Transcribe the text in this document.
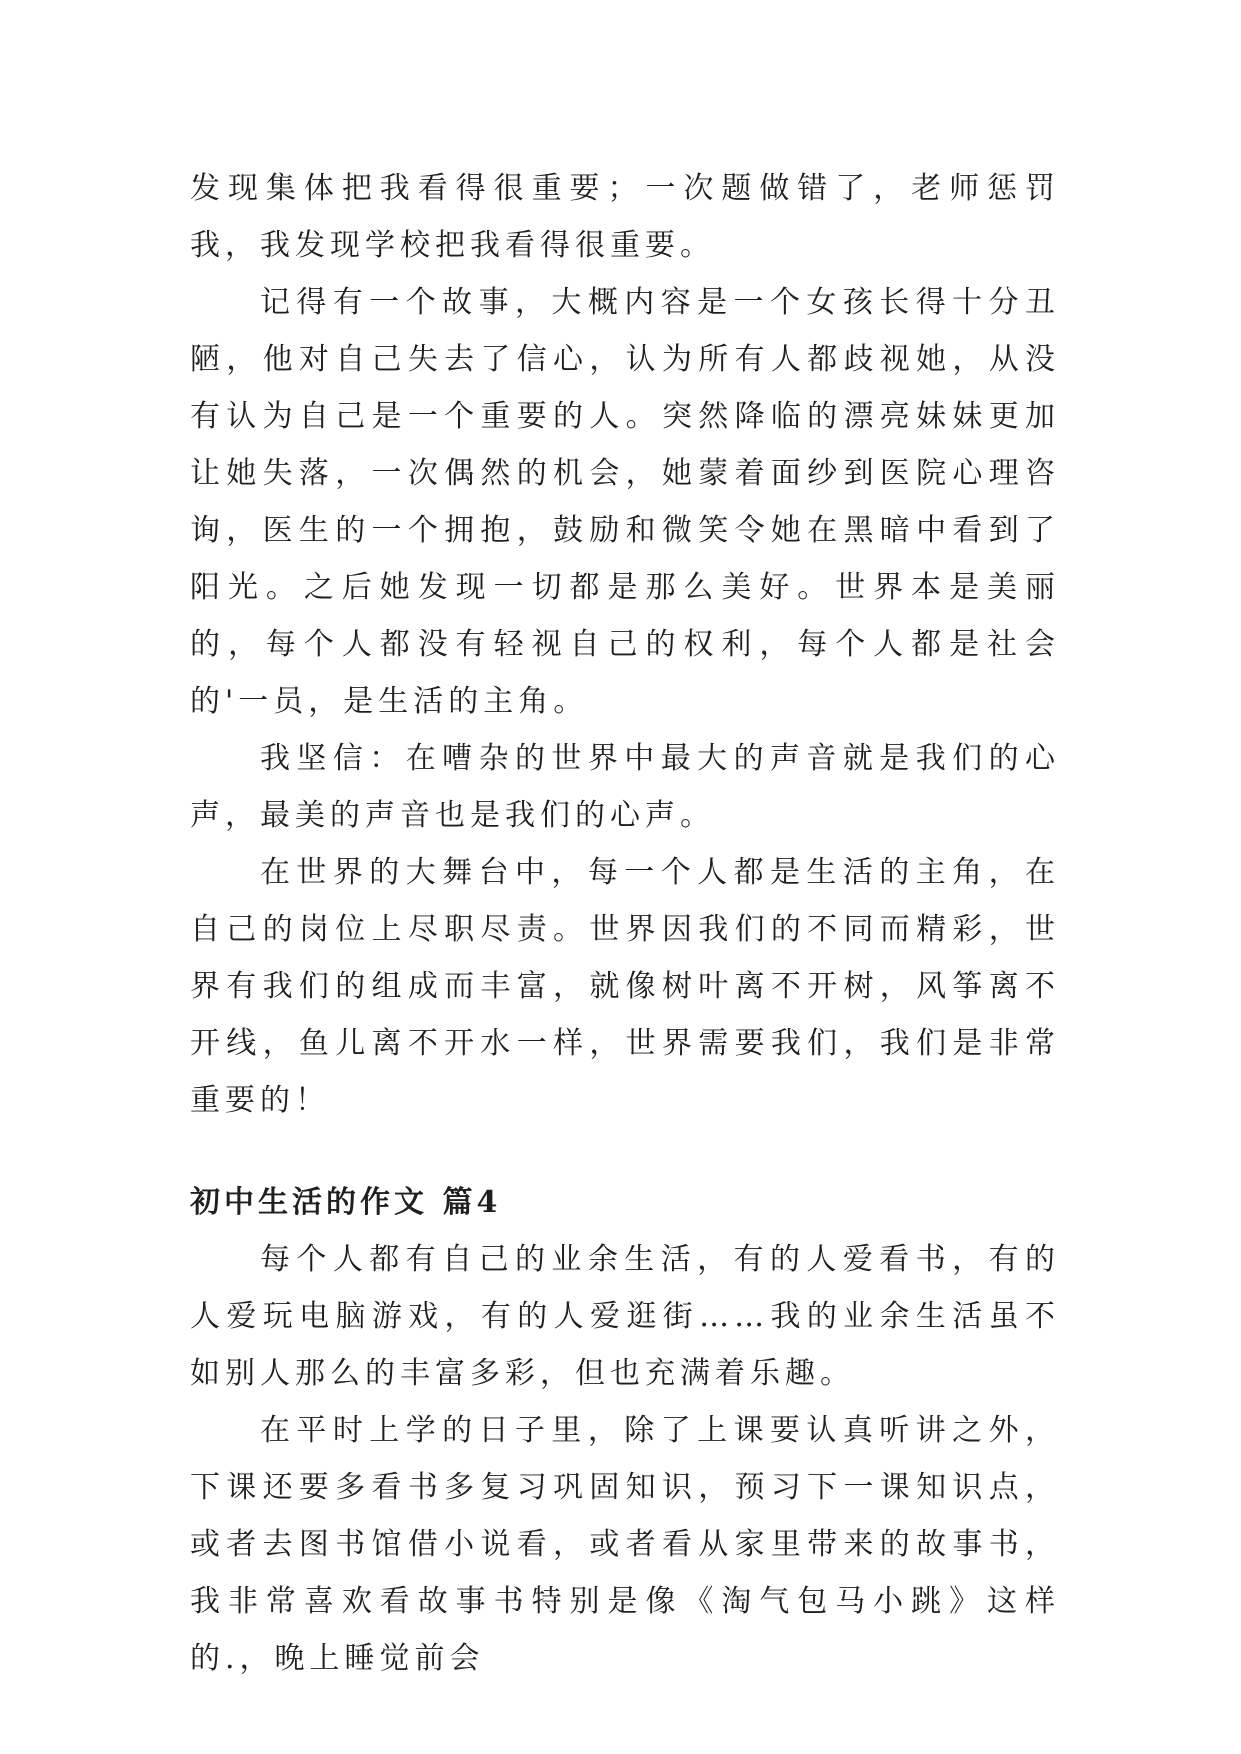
发现集体把我看得很重要；一次题做错了，老师惩罚我，我发现学校把我看得很重要。

记得有一个故事，大概内容是一个女孩长得十分丑陋，他对自己失去了信心，认为所有人都歧视她，从没有认为自己是一个重要的人。突然降临的漂亮妹妹更加让她失落，一次偶然的机会，她蒙着面纱到医院心理咨询，医生的一个拥抱，鼓励和微笑令她在黑暗中看到了阳光。之后她发现一切都是那么美好。世界本是美丽的，每个人都没有轻视自己的权利，每个人都是社会的'一员，是生活的主角。

我坚信：在嘈杂的世界中最大的声音就是我们的心声，最美的声音也是我们的心声。

在世界的大舞台中，每一个人都是生活的主角，在自己的岗位上尽职尽责。世界因我们的不同而精彩，世界有我们的组成而丰富，就像树叶离不开树，风筝离不开线，鱼儿离不开水一样，世界需要我们，我们是非常重要的！

初中生活的作文 篇4

每个人都有自己的业余生活，有的人爱看书，有的人爱玩电脑游戏，有的人爱逛街……我的业余生活虽不如别人那么的丰富多彩，但也充满着乐趣。

在平时上学的日子里，除了上课要认真听讲之外，下课还要多看书多复习巩固知识，预习下一课知识点，或者去图书馆借小说看，或者看从家里带来的故事书，我非常喜欢看故事书特别是像《淘气包马小跳》这样的.，晚上睡觉前会
